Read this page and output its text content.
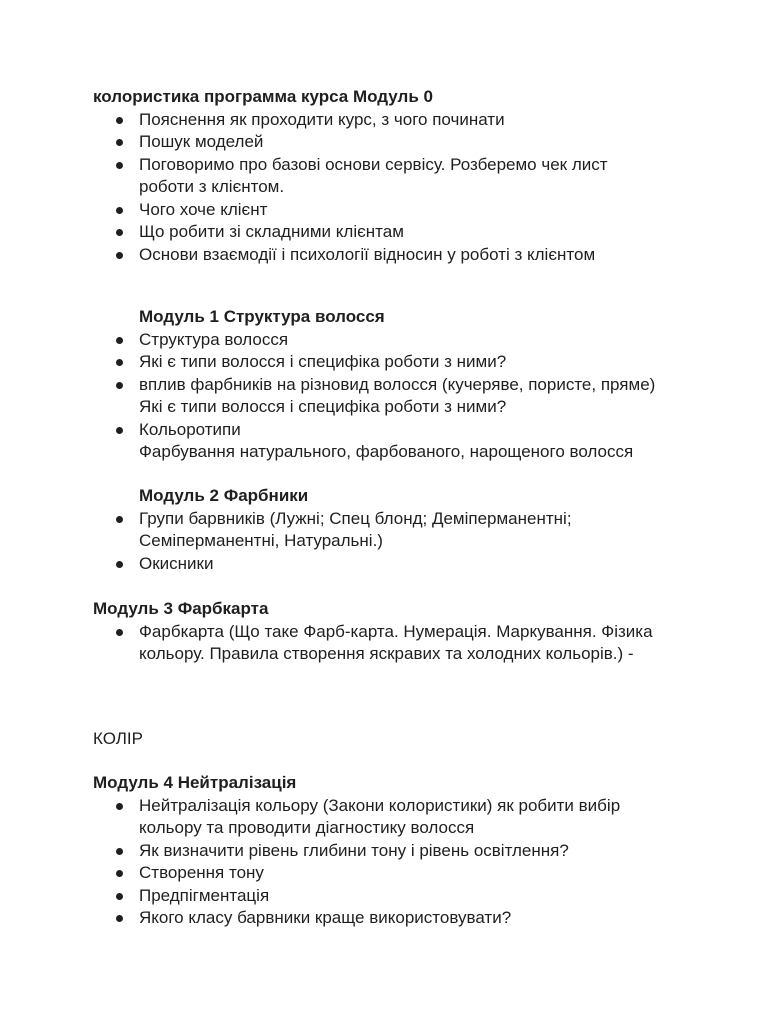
колористика программа курса Модуль 0

Пояснення як проходити курс, з чого починати
Пошук моделей
Поговоримо про базові основи сервісу. Розберемо чек лист роботи з клієнтом.
Чого хоче клієнт
Що робити зі складними клієнтам
Основи взаємодії і психології відносин у роботі з клієнтом

Модуль 1 Структура волосся

Структура волосся
Які є типи волосся і специфіка роботи з ними?
вплив фарбників на різновид волосся (кучеряве, пористе, пряме) Які є типи волосся і специфіка роботи з ними?
Кольоротипи

Фарбування натурального, фарбованого, нарощеного волосся

Модуль 2 Фарбники

Групи барвників (Лужні; Спец блонд; Деміперманентні; Семіперманентні, Натуральні.)
Окисники

Модуль 3 Фарбкарта

Фарбкарта (Що таке Фарб-карта. Нумерація. Маркування. Фізика кольору. Правила створення яскравих та холодних кольорів.) -

КОЛІР

Модуль 4 Нейтралізація

Нейтралізація кольору (Закони колористики) як робити вибір кольору та проводити діагностику волосся
Як визначити рівень глибини тону і рівень освітлення?
Створення тону
Предпігментація
Якого класу барвники краще використовувати?
